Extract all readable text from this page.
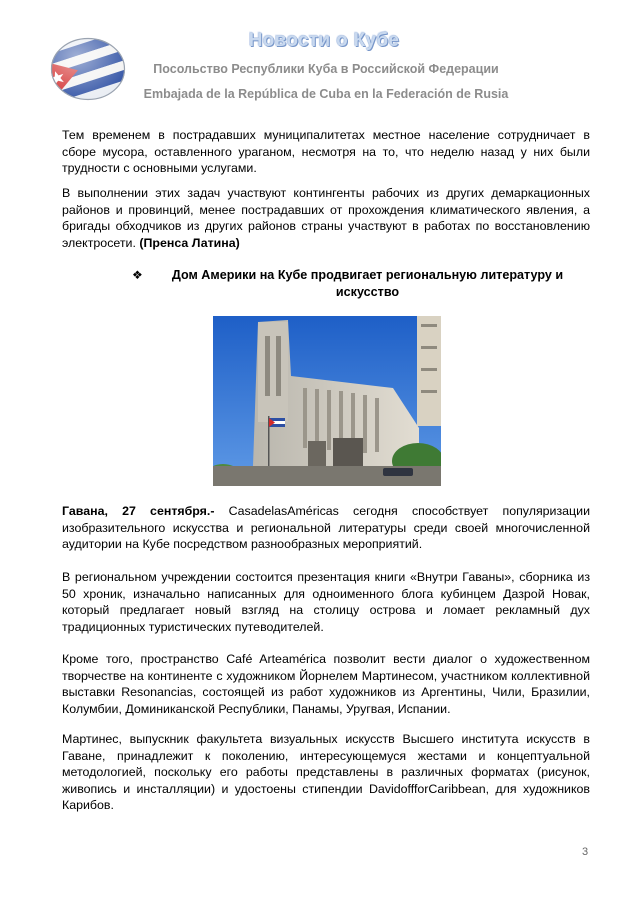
Новости о Кубе
Посольство Республики Куба в Российской Федерации
Embajada de la República de Cuba en la Federación de Rusia
Тем временем в пострадавших муниципалитетах местное население сотрудничает в сборе мусора, оставленного ураганом, несмотря на то, что неделю назад у них были трудности с основными услугами.
В выполнении этих задач участвуют контингенты рабочих из других демаркационных районов и провинций, менее пострадавших от прохождения климатического явления, а бригады обходчиков из других районов страны участвуют в работах по восстановлению электросети. (Пренса Латина)
❖	Дом Америки на Кубе продвигает региональную литературу и искусство
Гавана, 27 сентября.- CasadelasAméricas сегодня способствует популяризации изобразительного искусства и региональной литературы среди своей многочисленной аудитории на Кубе посредством разнообразных мероприятий.
В региональном учреждении состоится презентация книги «Внутри Гаваны», сборника из 50 хроник, изначально написанных для одноименного блога кубинцем Дазрой Новак, который предлагает новый взгляд на столицу острова и ломает рекламный дух традиционных туристических путеводителей.
Кроме того, пространство Café Arteamérica позволит вести диалог о художественном творчестве на континенте с художником Йорнелем Мартинесом, участником коллективной выставки Resonancias, состоящей из работ художников из Аргентины, Чили, Бразилии, Колумбии, Доминиканской Республики, Панамы, Уругвая, Испании.
Мартинес, выпускник факультета визуальных искусств Высшего института искусств в Гаване, принадлежит к поколению, интересующемуся жестами и концептуальной методологией, поскольку его работы представлены в различных форматах (рисунок, живопись и инсталляции) и удостоены стипендии DavidoffforCaribbean, для художников Карибов.
3
